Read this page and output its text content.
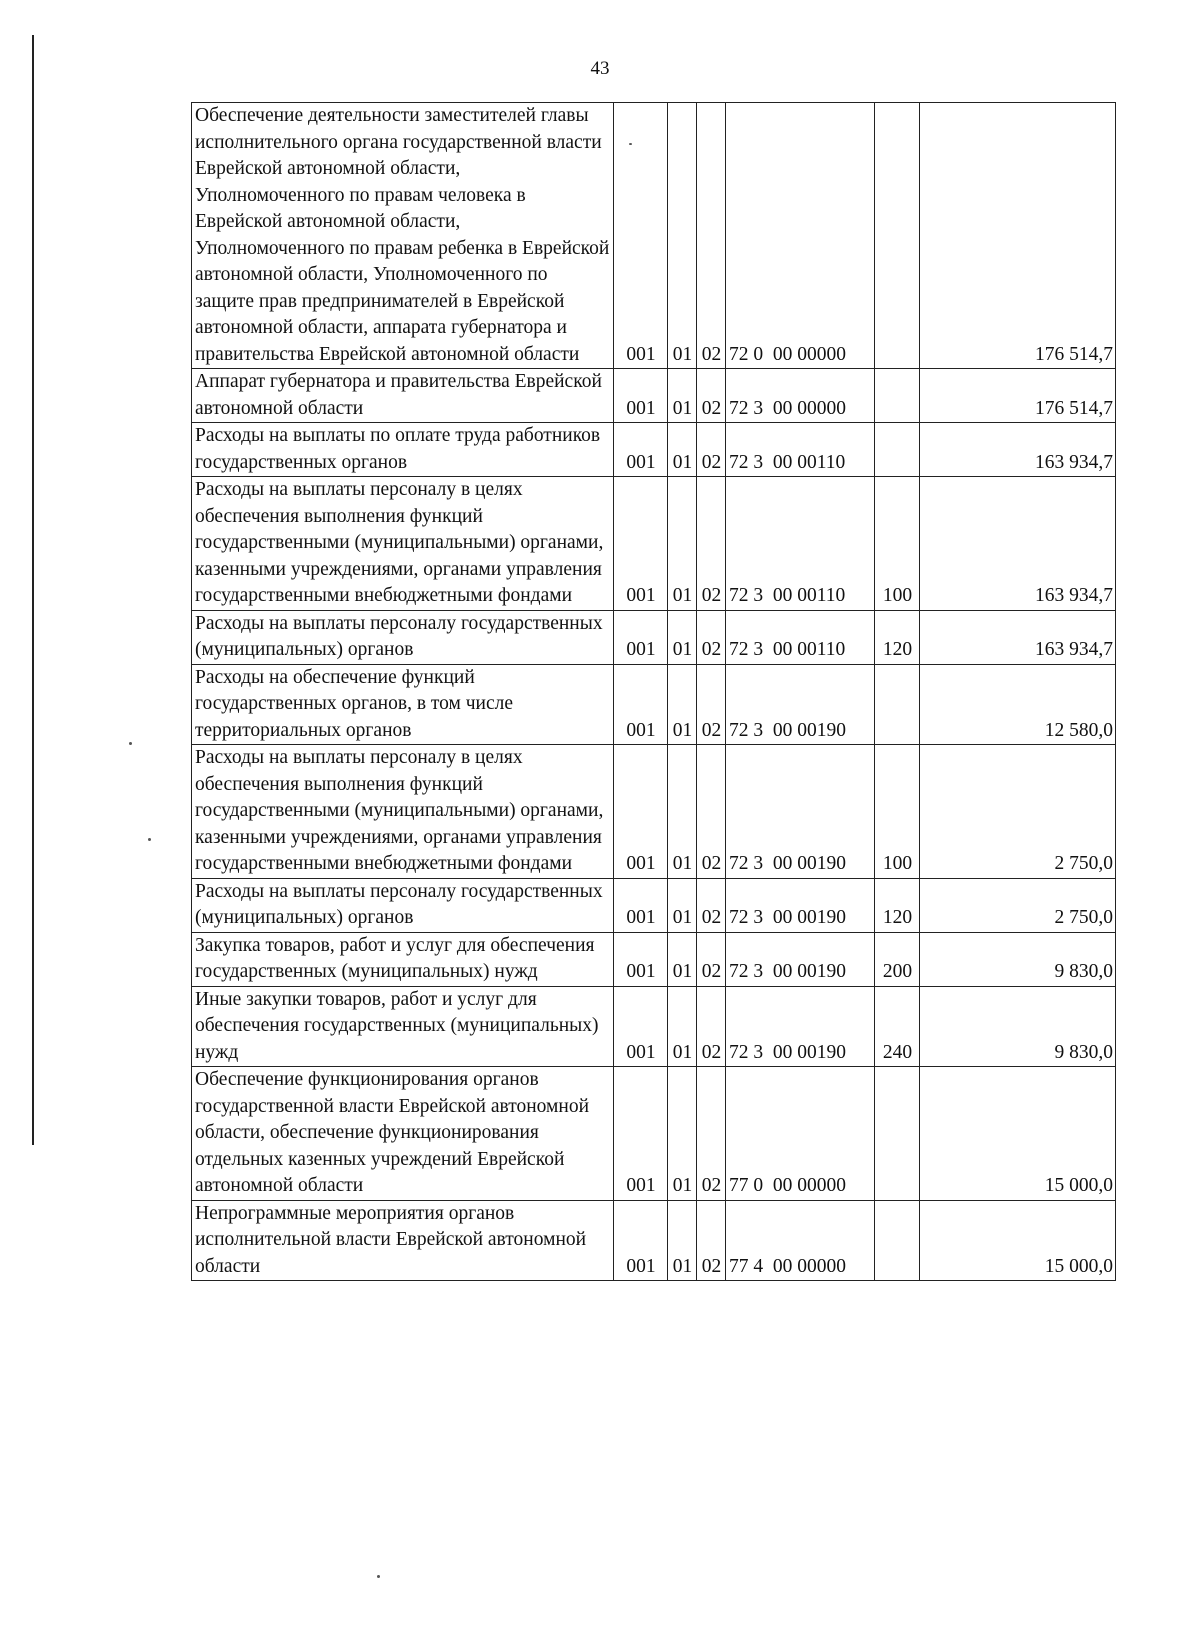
43
Обеспечение деятельности заместителей главы исполнительного органа государственной власти Еврейской автономной области, Уполномоченного по правам человека в Еврейской автономной области, Уполномоченного по правам ребенка в Еврейской автономной области, Уполномоченного по защите прав предпринимателей в Еврейской автономной области, аппарата губернатора и правительства Еврейской автономной области	001	01	02	72 0  00 00000		176 514,7
Аппарат губернатора и правительства Еврейской автономной области	001	01	02	72 3  00 00000		176 514,7
Расходы на выплаты по оплате труда работников государственных органов	001	01	02	72 3  00 00110		163 934,7
Расходы на выплаты персоналу в целях обеспечения выполнения функций государственными (муниципальными) органами, казенными учреждениями, органами управления государственными внебюджетными фондами	001	01	02	72 3  00 00110	100	163 934,7
Расходы на выплаты персоналу государственных (муниципальных) органов	001	01	02	72 3  00 00110	120	163 934,7
Расходы на обеспечение функций государственных органов, в том числе территориальных органов	001	01	02	72 3  00 00190		12 580,0
Расходы на выплаты персоналу в целях обеспечения выполнения функций государственными (муниципальными) органами, казенными учреждениями, органами управления государственными внебюджетными фондами	001	01	02	72 3  00 00190	100	2 750,0
Расходы на выплаты персоналу государственных (муниципальных) органов	001	01	02	72 3  00 00190	120	2 750,0
Закупка товаров, работ и услуг для обеспечения государственных (муниципальных) нужд	001	01	02	72 3  00 00190	200	9 830,0
Иные закупки товаров, работ и услуг для обеспечения государственных (муниципальных) нужд	001	01	02	72 3  00 00190	240	9 830,0
Обеспечение функционирования органов государственной власти Еврейской автономной области, обеспечение функционирования отдельных казенных учреждений Еврейской автономной области	001	01	02	77 0  00 00000		15 000,0
Непрограммные мероприятия органов исполнительной власти Еврейской автономной области	001	01	02	77 4  00 00000		15 000,0
